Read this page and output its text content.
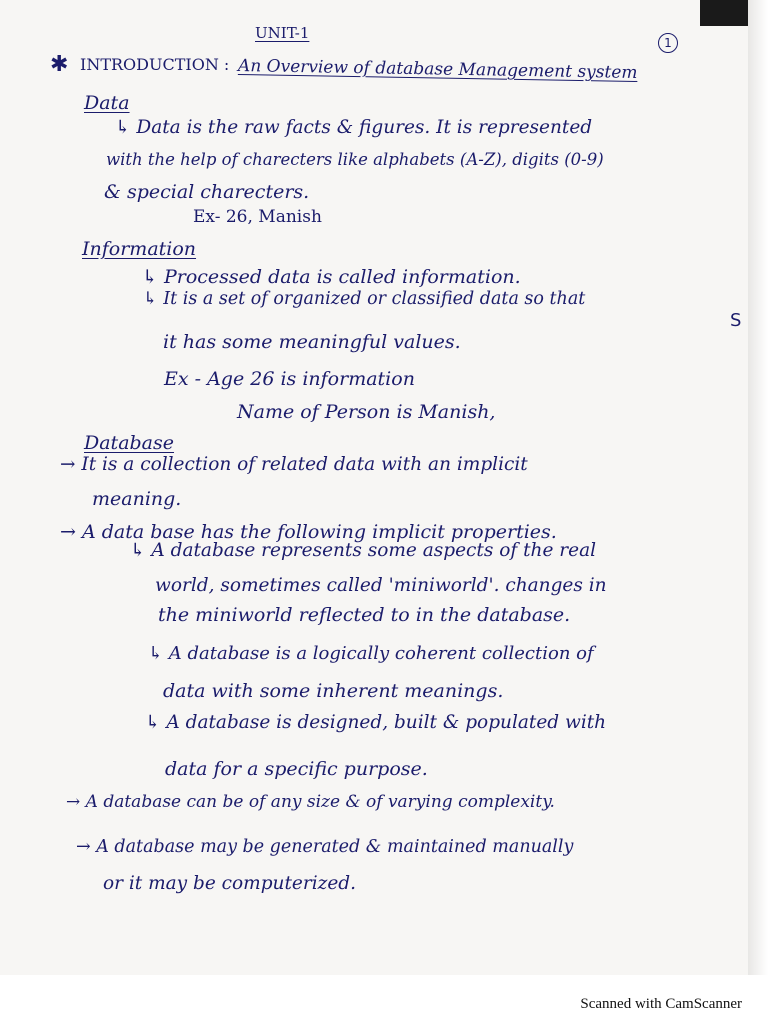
UNIT-1
1
✱ INTRODUCTION : An Overview of database Management system
Data
↳ Data is the raw facts & figures. It is represented
with the help of charecters like alphabets (A-Z), digits (0-9)
& special charecters.
Ex- 26, Manish
Information
↳ Processed data is called information.
↳ It is a set of organized or classified data so that
it has some meaningful values.
Ex - Age 26 is information
Name of Person is Manish,
S
Database
→ It is a collection of related data with an implicit
meaning.
→ A data base has the following implicit properties.
↳ A database represents some aspects of the real
world, sometimes called 'miniworld'. changes in
the miniworld reflected to in the database.
↳ A database is a logically coherent collection of
data with some inherent meanings.
↳ A database is designed, built & populated with
data for a specific purpose.
→ A database can be of any size & of varying complexity.
→ A database may be generated & maintained manually
or it may be computerized.
Scanned with CamScanner
